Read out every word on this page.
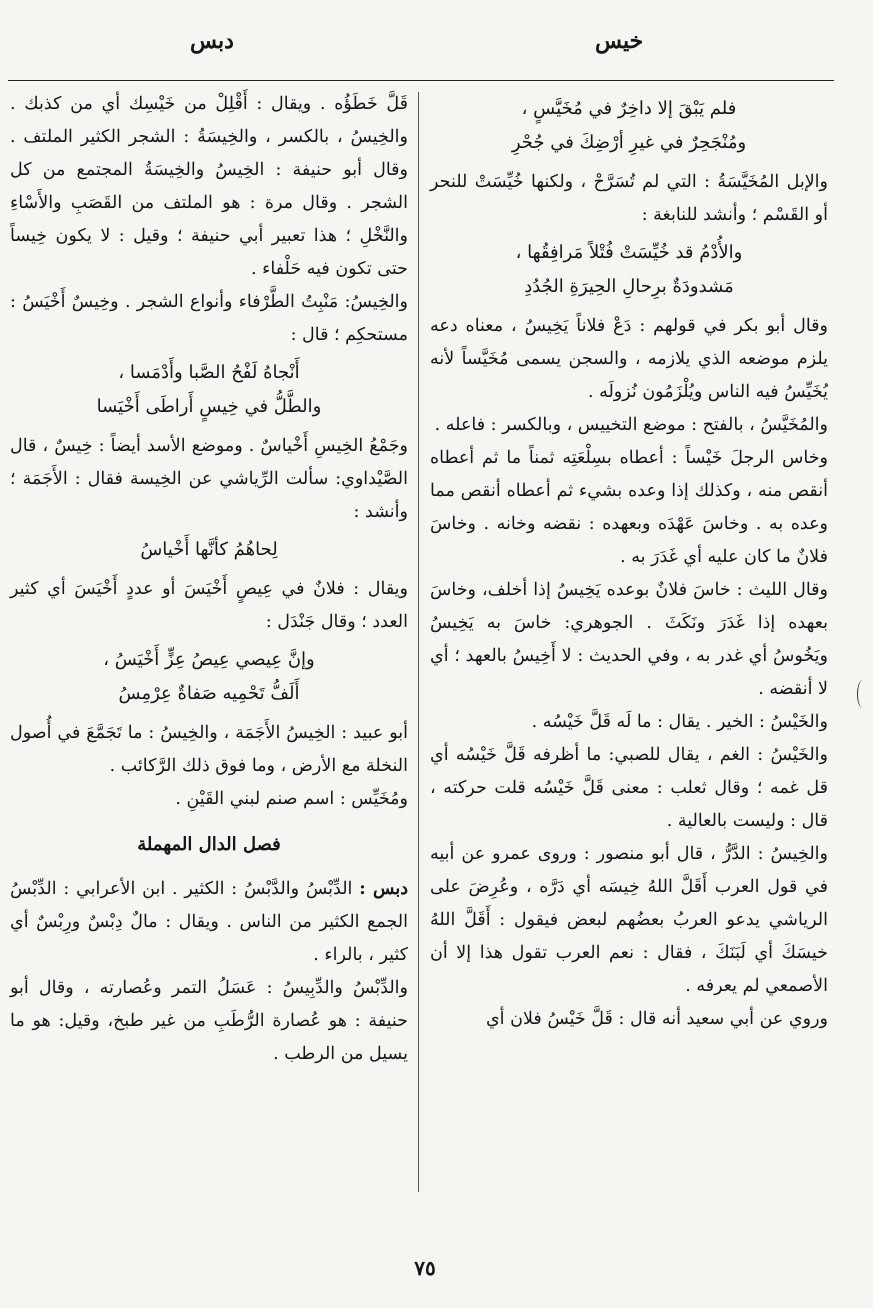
خيس
دبس

فلم يَبْقَ إلا داخِرٌ في مُخَيَّسٍ ،

ومُنْجَحِرٌ في غيرِ أرْضِكَ في جُحْرِ

والإبل المُخَيَّسَةُ : التي لم تُسَرَّحْ ، ولكنها خُيِّسَتْ للنحر أو القَسْم ؛ وأنشد للنابغة :

والأُدْمُ قد خُيِّسَتْ فُتْلاً مَرافِقُها ،

مَشدودَةٌ برِحالِ الحِيرَةِ الجُدُدِ

وقال أبو بكر في قولهم : دَعْ فلاناً يَخِيسُ ، معناه دعه يلزم موضعه الذي يلازمه ، والسجن يسمى مُخَيَّساً لأنه يُخَيِّسُ فيه الناس ويُلْزَمُون نُزولَه .

والمُخَيَّسُ ، بالفتح : موضع التخييس ، وبالكسر : فاعله .

وخاس الرجلَ خَيْساً : أعطاه بسِلْعَتِه ثمناً ما ثم أعطاه أنقص منه ، وكذلك إذا وعده بشيء ثم أعطاه أنقص مما وعده به . وخاسَ عَهْدَه وبعهده : نقضه وخانه . وخاسَ فلانٌ ما كان عليه أي غَدَرَ به .

وقال الليث : خاسَ فلانٌ بوعده يَخِيسُ إذا أخلف، وخاسَ بعهده إذا غَدَرَ ونَكَثَ . الجوهري: خاسَ به يَخِيسُ ويَخُوسُ أي غدر به ، وفي الحديث : لا أَخِيسُ بالعهد ؛ أي لا أنقضه .

والخَيْسُ : الخير . يقال : ما لَه قَلَّ خَيْسُه .

والخَيْسُ : الغم ، يقال للصبي: ما أظرفه قَلَّ خَيْسُه أي قل غمه ؛ وقال ثعلب : معنى قَلَّ خَيْسُه قلت حركته ، قال : وليست بالعالية .

والخِيسُ : الدَّرُّ ، قال أبو منصور : وروى عمرو عن أبيه في قول العرب أَقَلَّ اللهُ خِيسَه أي دَرَّه ، وعُرِضَ على الرياشي يدعو العربُ بعضُهم لبعض فيقول : أَقَلَّ اللهُ خيسَكَ أي لَبَنَكَ ، فقال : نعم العرب تقول هذا إلا أن الأصمعي لم يعرفه .

وروي عن أبي سعيد أنه قال : قَلَّ خَيْسُ فلان أي

قَلَّ خَطَؤُه . ويقال : أَقْلِلْ من خَيْسِك أي من كذبك . والخِيسُ ، بالكسر ، والخِيسَةُ : الشجر الكثير الملتف . وقال أبو حنيفة : الخِيسُ والخِيسَةُ المجتمع من كل الشجر . وقال مرة : هو الملتف من القَصَبِ والأَسْاءِ والنَّخْلِ ؛ هذا تعبير أبي حنيفة ؛ وقيل : لا يكون خِيساً حتى تكون فيه حَلْفاء .

والخِيسُ: مَنْبِتُ الطَّرْفاء وأنواع الشجر . وخِيسٌ أَخْيَسُ : مستحكِم ؛ قال :

أَنْجاهُ لَفْحُ الصَّبا وأَدْمَسا ،

والطَّلُّ في خِيسٍ أَراطَى أَخْيَسا

وجَمْعُ الخِيسِ أَخْياسٌ . وموضع الأسد أيضاً : خِيسٌ ، قال الصَّيْداوي: سألت الرِّياشي عن الخِيسة فقال : الأَجَمَة ؛ وأنشد :

لِحاهُمُ كأنَّها أَخْياسُ

ويقال : فلانٌ في عِيصٍ أَخْيَسَ أو عددٍ أَخْيَسَ أي كثير العدد ؛ وقال جَنْدَل :

وإنَّ عِيصي عِيصُ عِزٍّ أَخْيَسُ ،

أَلَفُّ تَحْمِيه صَفاةٌ عِرْمِسُ

أبو عبيد : الخِيسُ الأَجَمَة ، والخِيسُ : ما تَجَمَّعَ في أُصول النخلة مع الأرض ، وما فوق ذلك الرَّكائب .

ومُخَيِّس : اسم صنم لبني القَيْنِ .

فصل الدال المهملة

دبس : الدِّبْسُ والدَّبْسُ : الكثير . ابن الأعرابي : الدِّبْسُ الجمع الكثير من الناس . ويقال : مالٌ دِبْسٌ ورِبْسٌ أي كثير ، بالراء .

والدِّبْسُ والدِّبِيسُ : عَسَلُ التمر وعُصارته ، وقال أبو حنيفة : هو عُصارة الرُّطَبِ من غير طبخ، وقيل: هو ما يسيل من الرطب .

٧٥
